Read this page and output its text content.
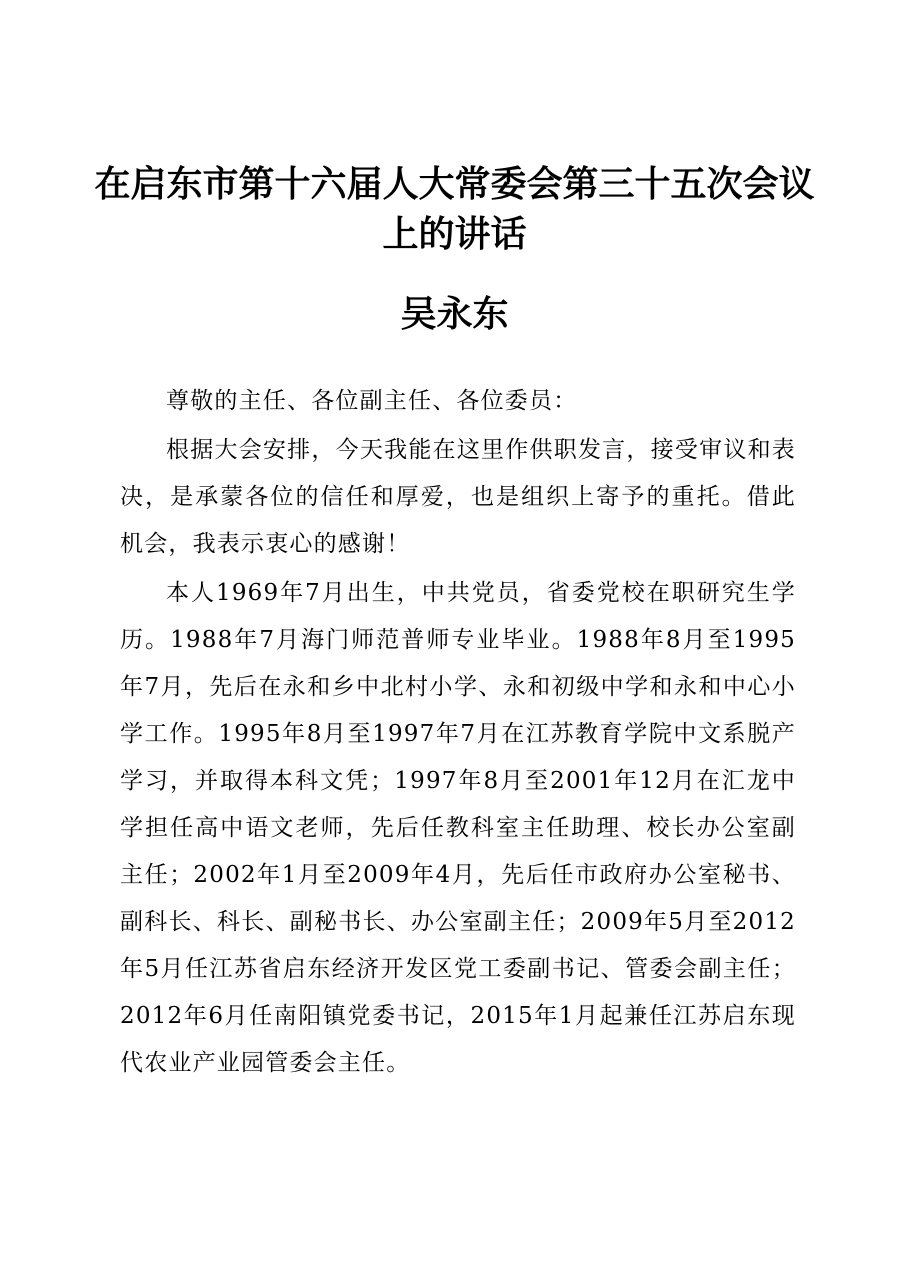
在启东市第十六届人大常委会第三十五次会议
上的讲话
吴永东

尊敬的主任、各位副主任、各位委员：

根据大会安排，今天我能在这里作供职发言，接受审议和表决，是承蒙各位的信任和厚爱，也是组织上寄予的重托。借此机会，我表示衷心的感谢！

本人1969年7月出生，中共党员，省委党校在职研究生学历。1988年7月海门师范普师专业毕业。1988年8月至1995年7月，先后在永和乡中北村小学、永和初级中学和永和中心小学工作。1995年8月至1997年7月在江苏教育学院中文系脱产学习，并取得本科文凭；1997年8月至2001年12月在汇龙中学担任高中语文老师，先后任教科室主任助理、校长办公室副主任；2002年1月至2009年4月，先后任市政府办公室秘书、副科长、科长、副秘书长、办公室副主任；2009年5月至2012年5月任江苏省启东经济开发区党工委副书记、管委会副主任；2012年6月任南阳镇党委书记，2015年1月起兼任江苏启东现代农业产业园管委会主任。
